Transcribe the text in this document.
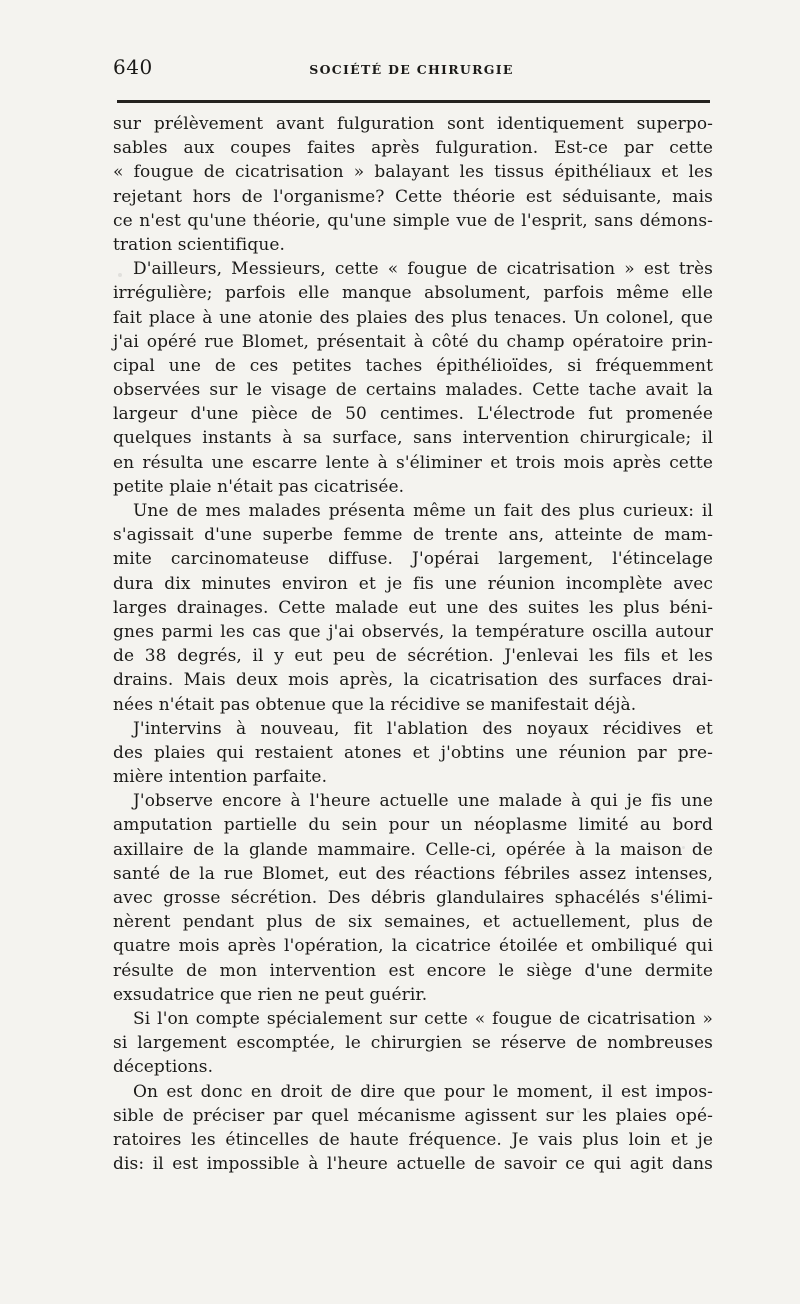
640	SOCIÉTÉ DE CHIRURGIE
sur prélèvement avant fulguration sont identiquement superpo-
sables aux coupes faites après fulguration. Est-ce par cette
« fougue de cicatrisation » balayant les tissus épithéliaux et les
rejetant hors de l'organisme? Cette théorie est séduisante, mais
ce n'est qu'une théorie, qu'une simple vue de l'esprit, sans démons-
tration scientifique.
D'ailleurs, Messieurs, cette « fougue de cicatrisation » est très
irrégulière; parfois elle manque absolument, parfois même elle
fait place à une atonie des plaies des plus tenaces. Un colonel, que
j'ai opéré rue Blomet, présentait à côté du champ opératoire prin-
cipal une de ces petites taches épithélioïdes, si fréquemment
observées sur le visage de certains malades. Cette tache avait la
largeur d'une pièce de 50 centimes. L'électrode fut promenée
quelques instants à sa surface, sans intervention chirurgicale; il
en résulta une escarre lente à s'éliminer et trois mois après cette
petite plaie n'était pas cicatrisée.
Une de mes malades présenta même un fait des plus curieux: il
s'agissait d'une superbe femme de trente ans, atteinte de mam-
mite carcinomateuse diffuse. J'opérai largement, l'étincelage
dura dix minutes environ et je fis une réunion incomplète avec
larges drainages. Cette malade eut une des suites les plus béni-
gnes parmi les cas que j'ai observés, la température oscilla autour
de 38 degrés, il y eut peu de sécrétion. J'enlevai les fils et les
drains. Mais deux mois après, la cicatrisation des surfaces drai-
nées n'était pas obtenue que la récidive se manifestait déjà.
J'intervins à nouveau, fit l'ablation des noyaux récidives et
des plaies qui restaient atones et j'obtins une réunion par pre-
mière intention parfaite.
J'observe encore à l'heure actuelle une malade à qui je fis une
amputation partielle du sein pour un néoplasme limité au bord
axillaire de la glande mammaire. Celle-ci, opérée à la maison de
santé de la rue Blomet, eut des réactions fébriles assez intenses,
avec grosse sécrétion. Des débris glandulaires sphacélés s'élimi-
nèrent pendant plus de six semaines, et actuellement, plus de
quatre mois après l'opération, la cicatrice étoilée et ombiliqué qui
résulte de mon intervention est encore le siège d'une dermite
exsudatrice que rien ne peut guérir.
Si l'on compte spécialement sur cette « fougue de cicatrisation »
si largement escomptée, le chirurgien se réserve de nombreuses
déceptions.
On est donc en droit de dire que pour le moment, il est impos-
sible de préciser par quel mécanisme agissent sur les plaies opé-
ratoires les étincelles de haute fréquence. Je vais plus loin et je
dis: il est impossible à l'heure actuelle de savoir ce qui agit dans
